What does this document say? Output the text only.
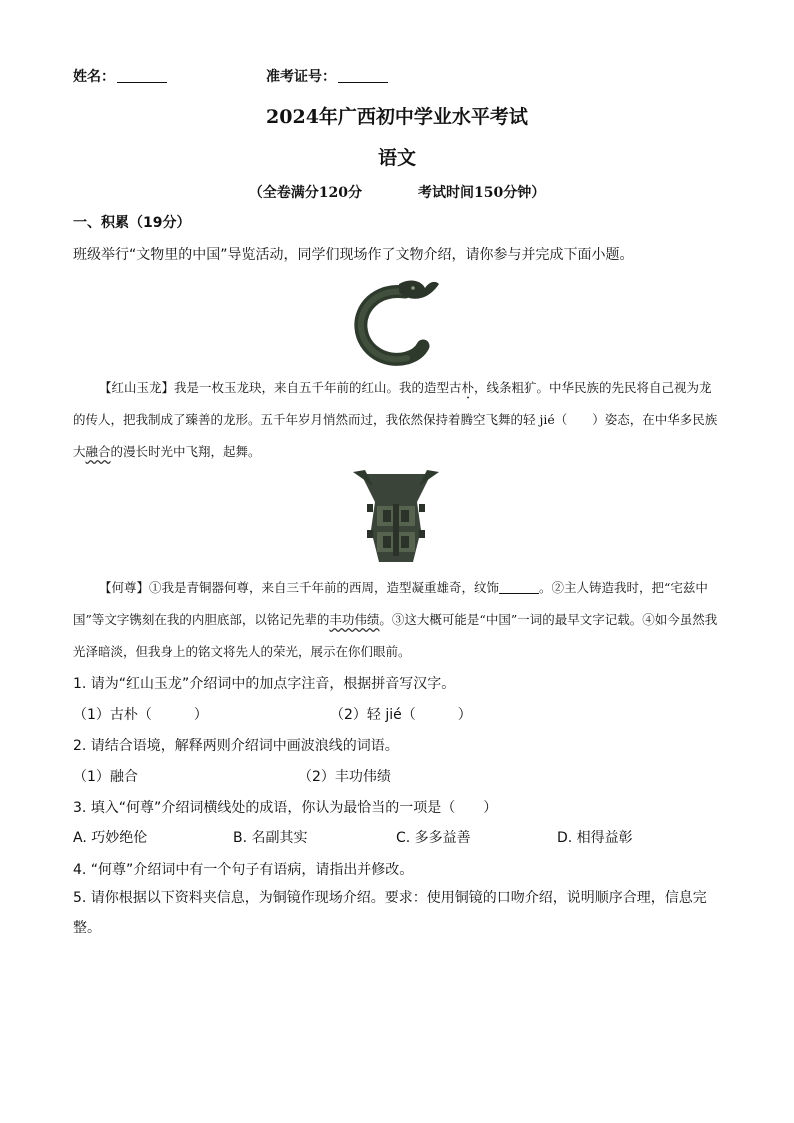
姓名：	准考证号：
2024年广西初中学业水平考试
语文
（全卷满分120分	考试时间150分钟）
一、积累（19分）
班级举行“文物里的中国”导览活动，同学们现场作了文物介绍，请你参与并完成下面小题。
【红山玉龙】我是一枚玉龙玦，来自五千年前的红山。我的造型古朴，线条粗犷。中华民族的先民将自己视为龙的传人，把我制成了臻善的龙形。五千年岁月悄然而过，我依然保持着腾空飞舞的轻 jié（　　）姿态，在中华多民族大融合的漫长时光中飞翔，起舞。
【何尊】①我是青铜器何尊，来自三千年前的西周，造型凝重雄奇，纹饰	。②主人铸造我时，把“宅兹中国”等文字镌刻在我的内胆底部，以铭记先辈的丰功伟绩。③这大概可能是“中国”一词的最早文字记载。④如今虽然我光泽暗淡，但我身上的铭文将先人的荣光，展示在你们眼前。
1. 请为“红山玉龙”介绍词中的加点字注音，根据拼音写汉字。
（1）古朴（　　　）	（2）轻 jié（　　　）
2. 请结合语境，解释两则介绍词中画波浪线的词语。
（1）融合	（2）丰功伟绩
3. 填入“何尊”介绍词横线处的成语，你认为最恰当的一项是（　　）
A. 巧妙绝伦	B. 名副其实	C. 多多益善	D. 相得益彰
4. “何尊”介绍词中有一个句子有语病，请指出并修改。
5. 请你根据以下资料夹信息，为铜镜作现场介绍。要求：使用铜镜的口吻介绍，说明顺序合理，信息完整。
